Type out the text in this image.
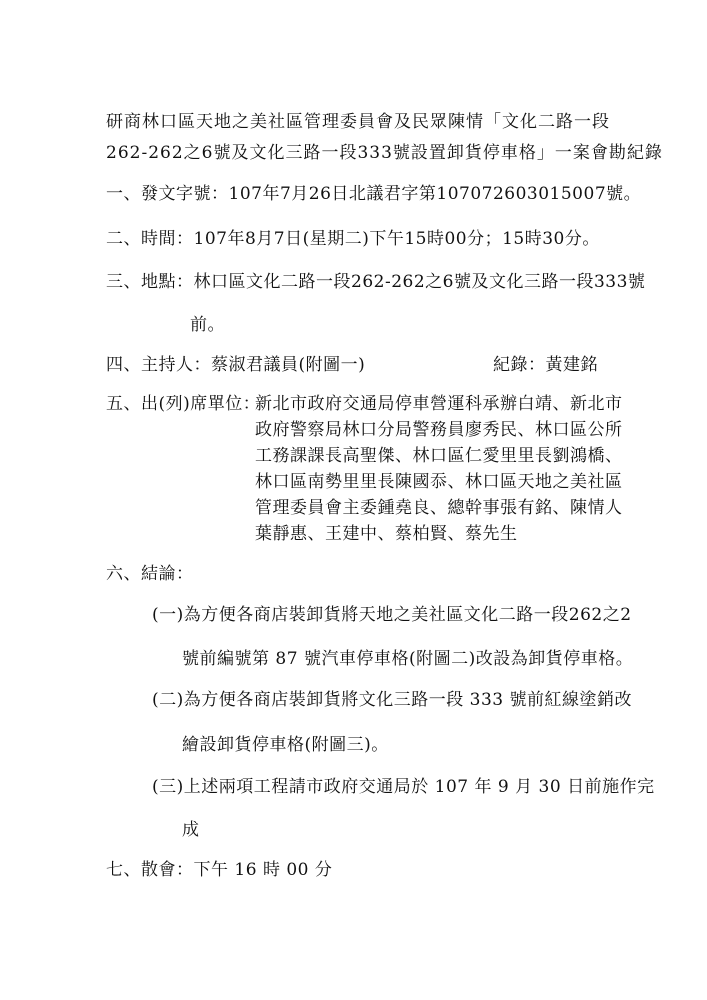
研商林口區天地之美社區管理委員會及民眾陳情「文化二路一段
262-262之6號及文化三路一段333號設置卸貨停車格」一案會勘紀錄
一、發文字號：107年7月26日北議君字第107072603015007號。
二、時間：107年8月7日(星期二)下午15時00分；15時30分。
三、地點：林口區文化二路一段262-262之6號及文化三路一段333號
前。
四、主持人：蔡淑君議員(附圖一)	紀錄：黃建銘
五、出(列)席單位：
新北市政府交通局停車營運科承辦白靖、新北市
政府警察局林口分局警務員廖秀民、林口區公所
工務課課長高聖傑、林口區仁愛里里長劉鴻橋、
林口區南勢里里長陳國忝、林口區天地之美社區
管理委員會主委鍾堯良、總幹事張有銘、陳情人
葉靜惠、王建中、蔡柏賢、蔡先生
六、結論：
(一)為方便各商店裝卸貨將天地之美社區文化二路一段262之2
號前編號第 87 號汽車停車格(附圖二)改設為卸貨停車格。
(二)為方便各商店裝卸貨將文化三路一段 333 號前紅線塗銷改
繪設卸貨停車格(附圖三)。
(三)上述兩項工程請市政府交通局於 107 年 9 月 30 日前施作完
成
七、散會：下午 16 時 00 分
